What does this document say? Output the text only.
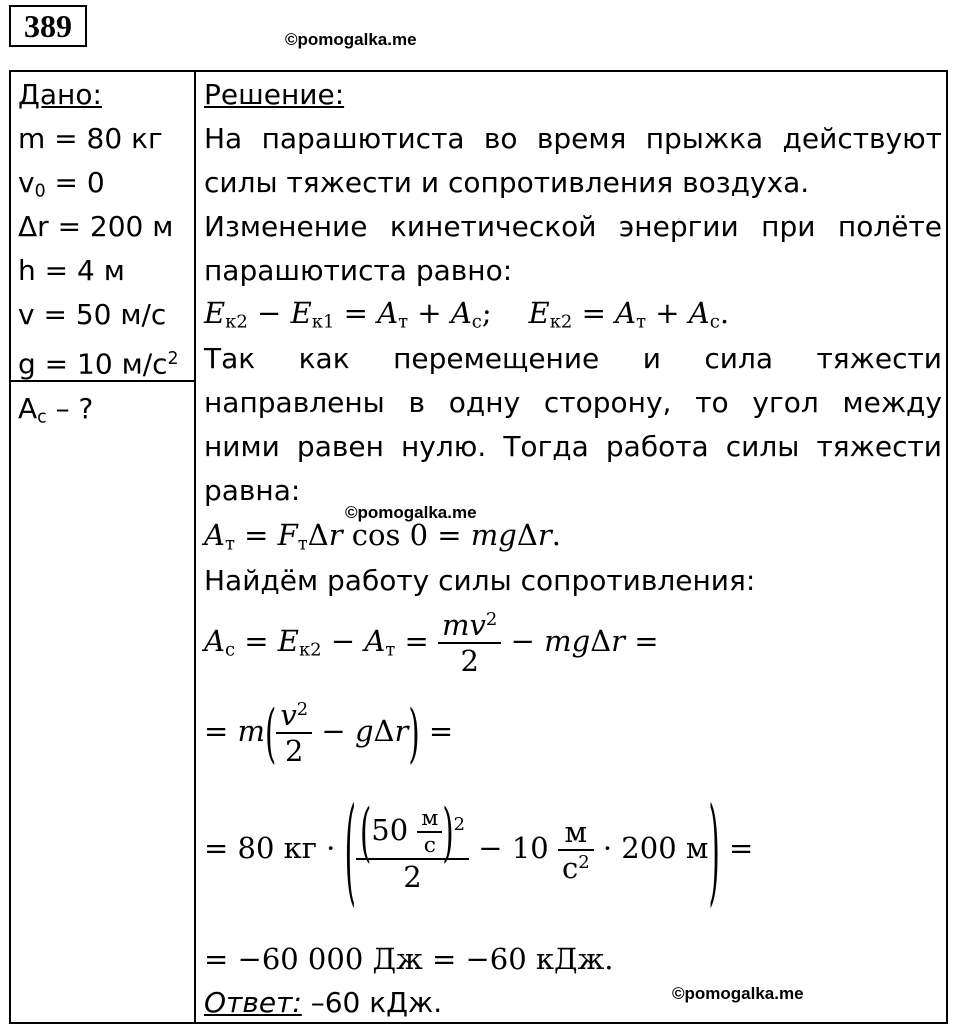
389	©pomogalka.me
Дано:
m = 80 кг
$v_0 = 0$
Δr = 200 м
h = 4 м
v = 50 м/с
g = 10 $м/с^2$
$A_с$ – ?
Решение:
На парашютиста во время прыжка действуют
силы тяжести и сопротивления воздуха.
Изменение кинетической энергии при полёте
парашютиста равно:
$E_{к2} - E_{к1} = A_т + A_с$;    $E_{к2} = A_т + A_с$.
Так как перемещение и сила тяжести
направлены в одну сторону, то угол между
ними равен нулю. Тогда работа силы тяжести
равна:
©pomogalka.me
$A_т = F_т\Delta r$ cos 0 = mgΔr.
Найдём работу силы сопротивления:
$A_с = E_{к2} - A_т = \frac{mv^2}{2} - mg\Delta r$ =
= $m( \frac{v^2}{2} - g\Delta r)$ =
= 80 кг · ( $\frac{(50 \frac{м}{с} )^2}{2} - 10 \frac{м}{с^2} \cdot 200$ м) =
= −60 000 Дж = −60 кДж.
Ответ: –60 кДж.	©pomogalka.me
